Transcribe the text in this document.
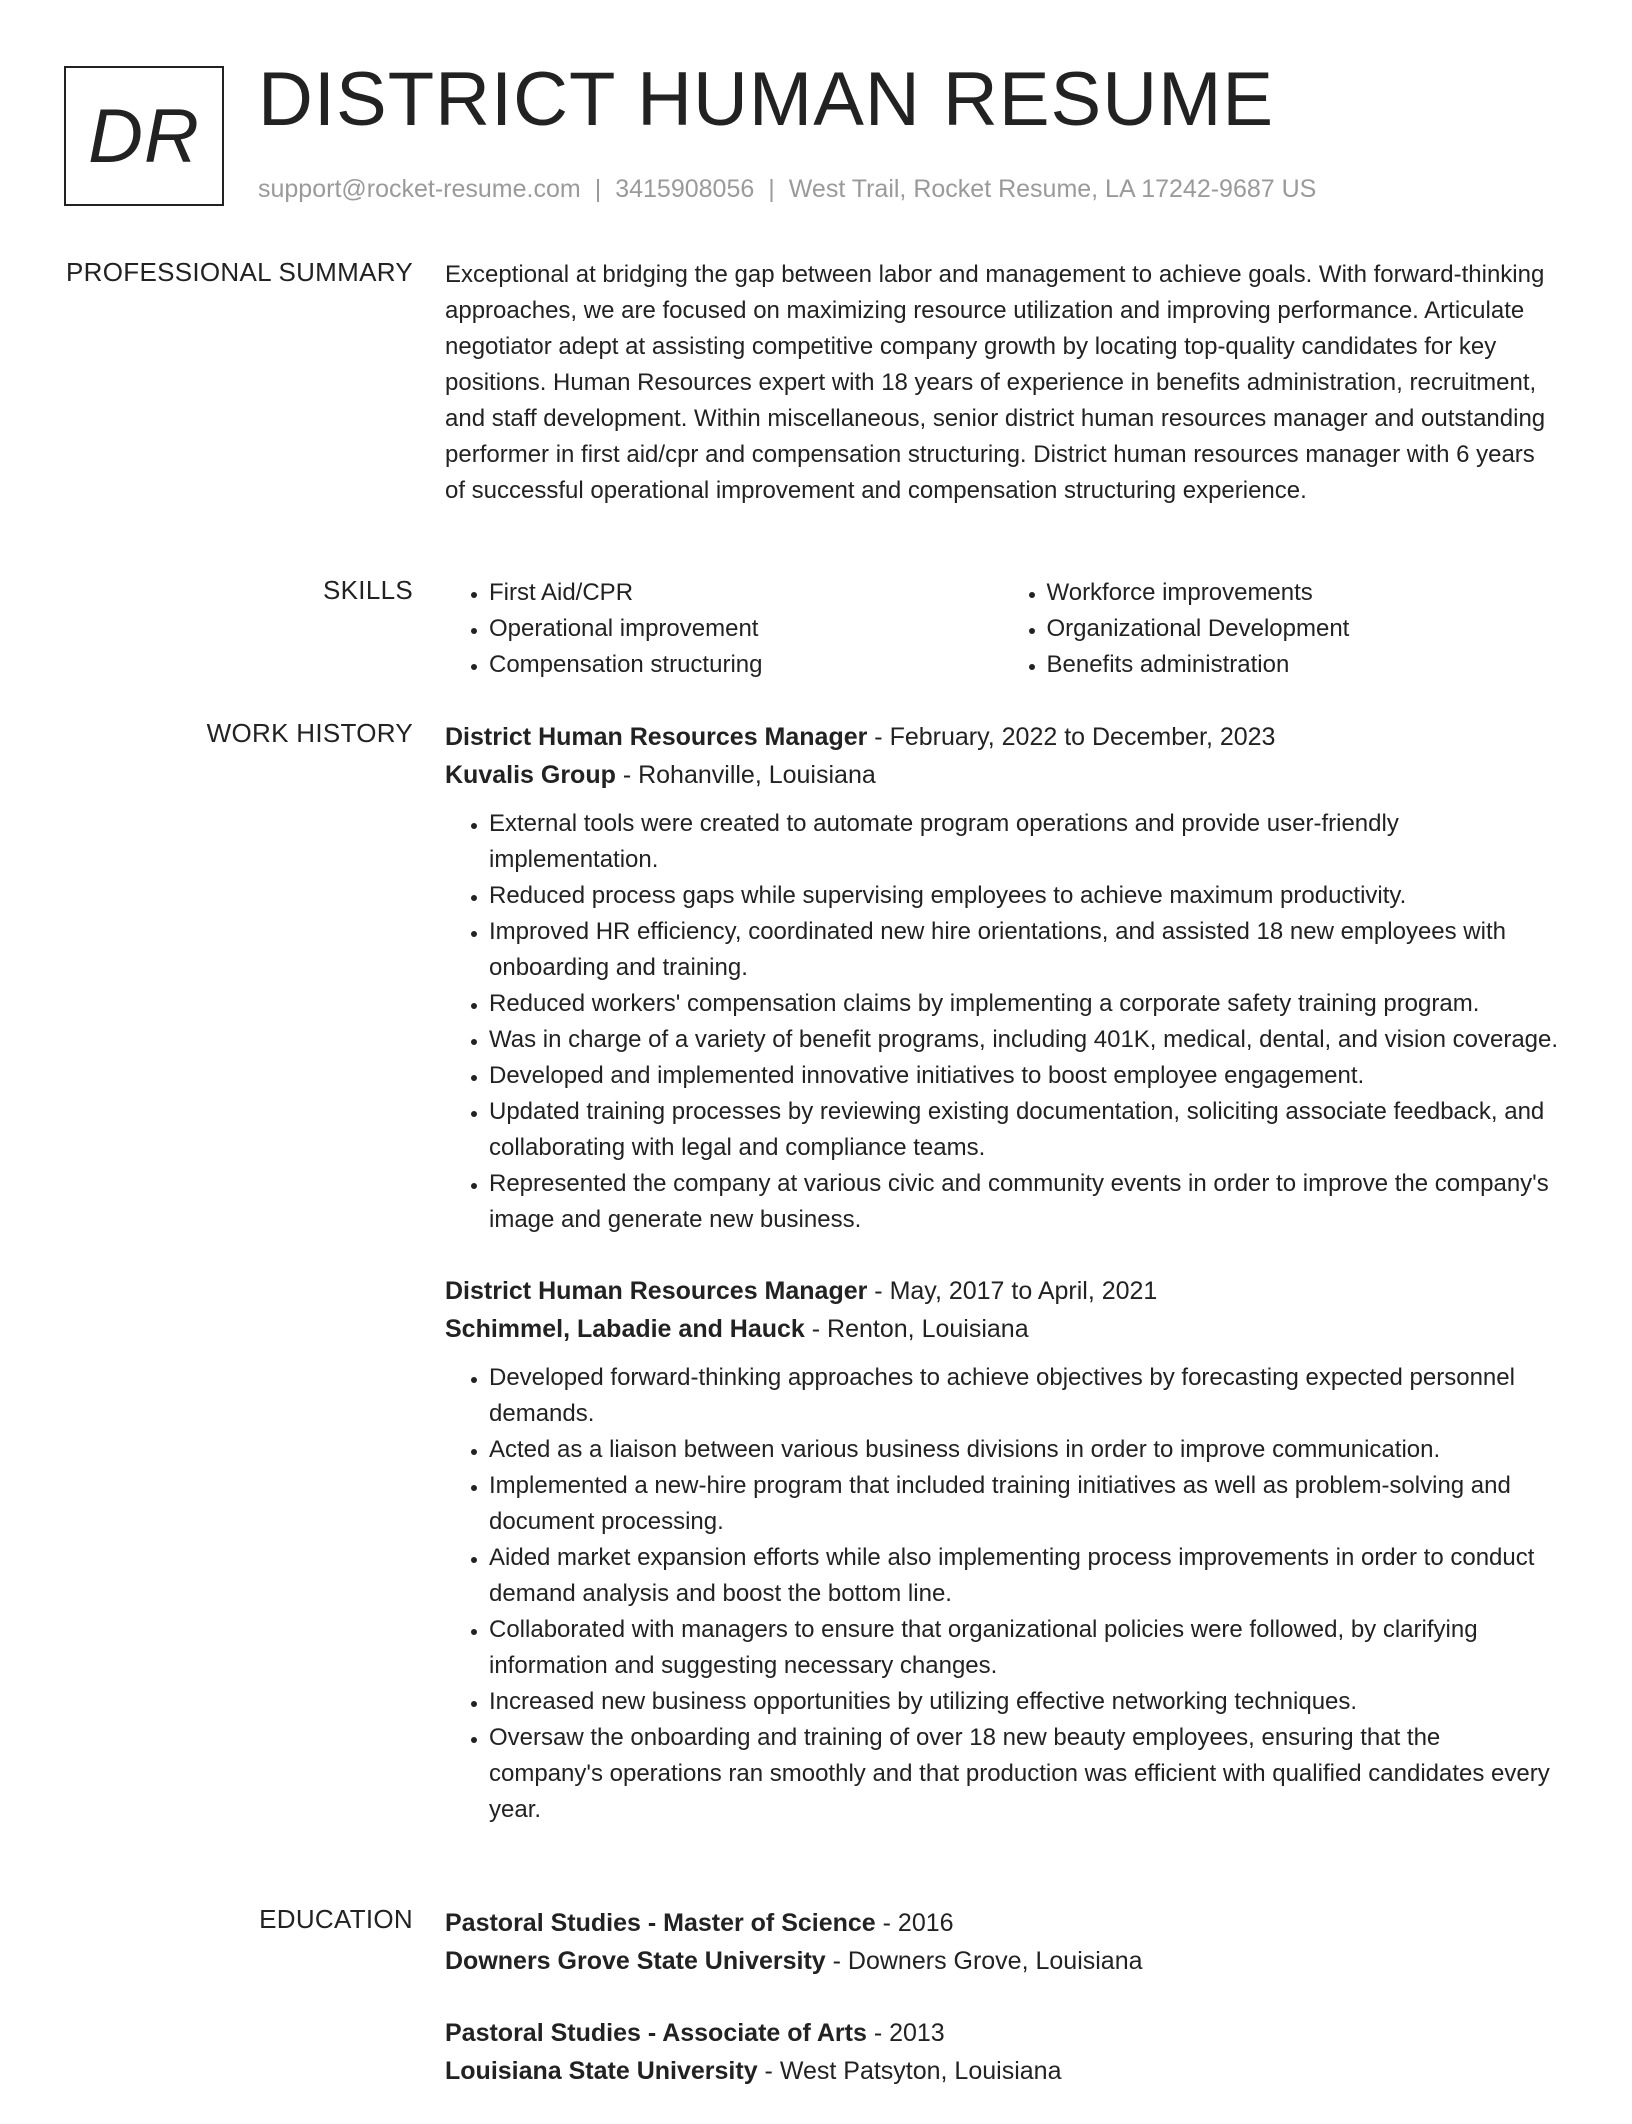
DR DISTRICT HUMAN RESUME
support@rocket-resume.com | 3415908056 | West Trail, Rocket Resume, LA 17242-9687 US
PROFESSIONAL SUMMARY Exceptional at bridging the gap between labor and management to achieve goals. With forward-thinking approaches, we are focused on maximizing resource utilization and improving performance. Articulate negotiator adept at assisting competitive company growth by locating top-quality candidates for key positions. Human Resources expert with 18 years of experience in benefits administration, recruitment, and staff development. Within miscellaneous, senior district human resources manager and outstanding performer in first aid/cpr and compensation structuring. District human resources manager with 6 years of successful operational improvement and compensation structuring experience.

SKILLS
•	First Aid/CPR
• Operational improvement
• Compensation structuring
• Workforce improvements
• Organizational Development
• Benefits administration
WORK HISTORY District Human Resources Manager - February, 2022 to December, 2023
Kuvalis Group - Rohanville, Louisiana
• External tools were created to automate program operations and provide user-friendly implementation.
• Reduced process gaps while supervising employees to achieve maximum productivity.
• Improved HR efficiency, coordinated new hire orientations, and assisted 18 new employees with onboarding and training.
• Reduced workers' compensation claims by implementing a corporate safety training program.
• Was in charge of a variety of benefit programs, including 401K, medical, dental, and vision coverage.
• Developed and implemented innovative initiatives to boost employee engagement.
• Updated training processes by reviewing existing documentation, soliciting associate feedback, and collaborating with legal and compliance teams.
• Represented the company at various civic and community events in order to improve the company's image and generate new business.
District Human Resources Manager - May, 2017 to April, 2021
Schimmel, Labadie and Hauck - Renton, Louisiana
• Developed forward-thinking approaches to achieve objectives by forecasting expected personnel demands.
• Acted as a liaison between various business divisions in order to improve communication.
• Implemented a new-hire program that included training initiatives as well as problem-solving and document processing.
• Aided market expansion efforts while also implementing process improvements in order to conduct demand analysis and boost the bottom line.
• Collaborated with managers to ensure that organizational policies were followed, by clarifying information and suggesting necessary changes.
• Increased new business opportunities by utilizing effective networking techniques.
• Oversaw the onboarding and training of over 18 new beauty employees, ensuring that the company's operations ran smoothly and that production was efficient with qualified candidates every year.
EDUCATION Pastoral Studies - Master of Science - 2016
Downers Grove State University - Downers Grove, Louisiana
Pastoral Studies - Associate of Arts - 2013
Louisiana State University - West Patsyton, Louisiana
